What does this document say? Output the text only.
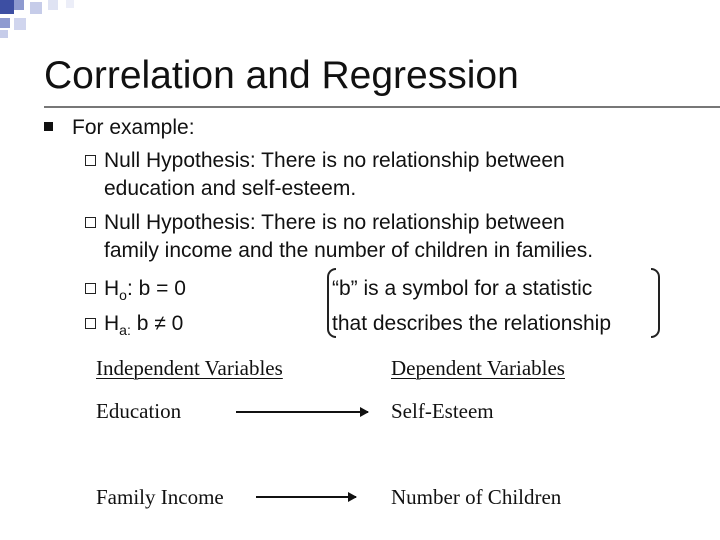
Correlation and Regression
For example:
Null Hypothesis: There is no relationship between
education and self-esteem.
Null Hypothesis: There is no relationship between
family income and the number of children in families.
$H_o$: b = 0
$H_{a:}$ b ≠ 0
“b” is a symbol for a statistic
that describes the relationship
Independent Variables	Dependent Variables
Education	Self-Esteem
Family Income	Number of Children
